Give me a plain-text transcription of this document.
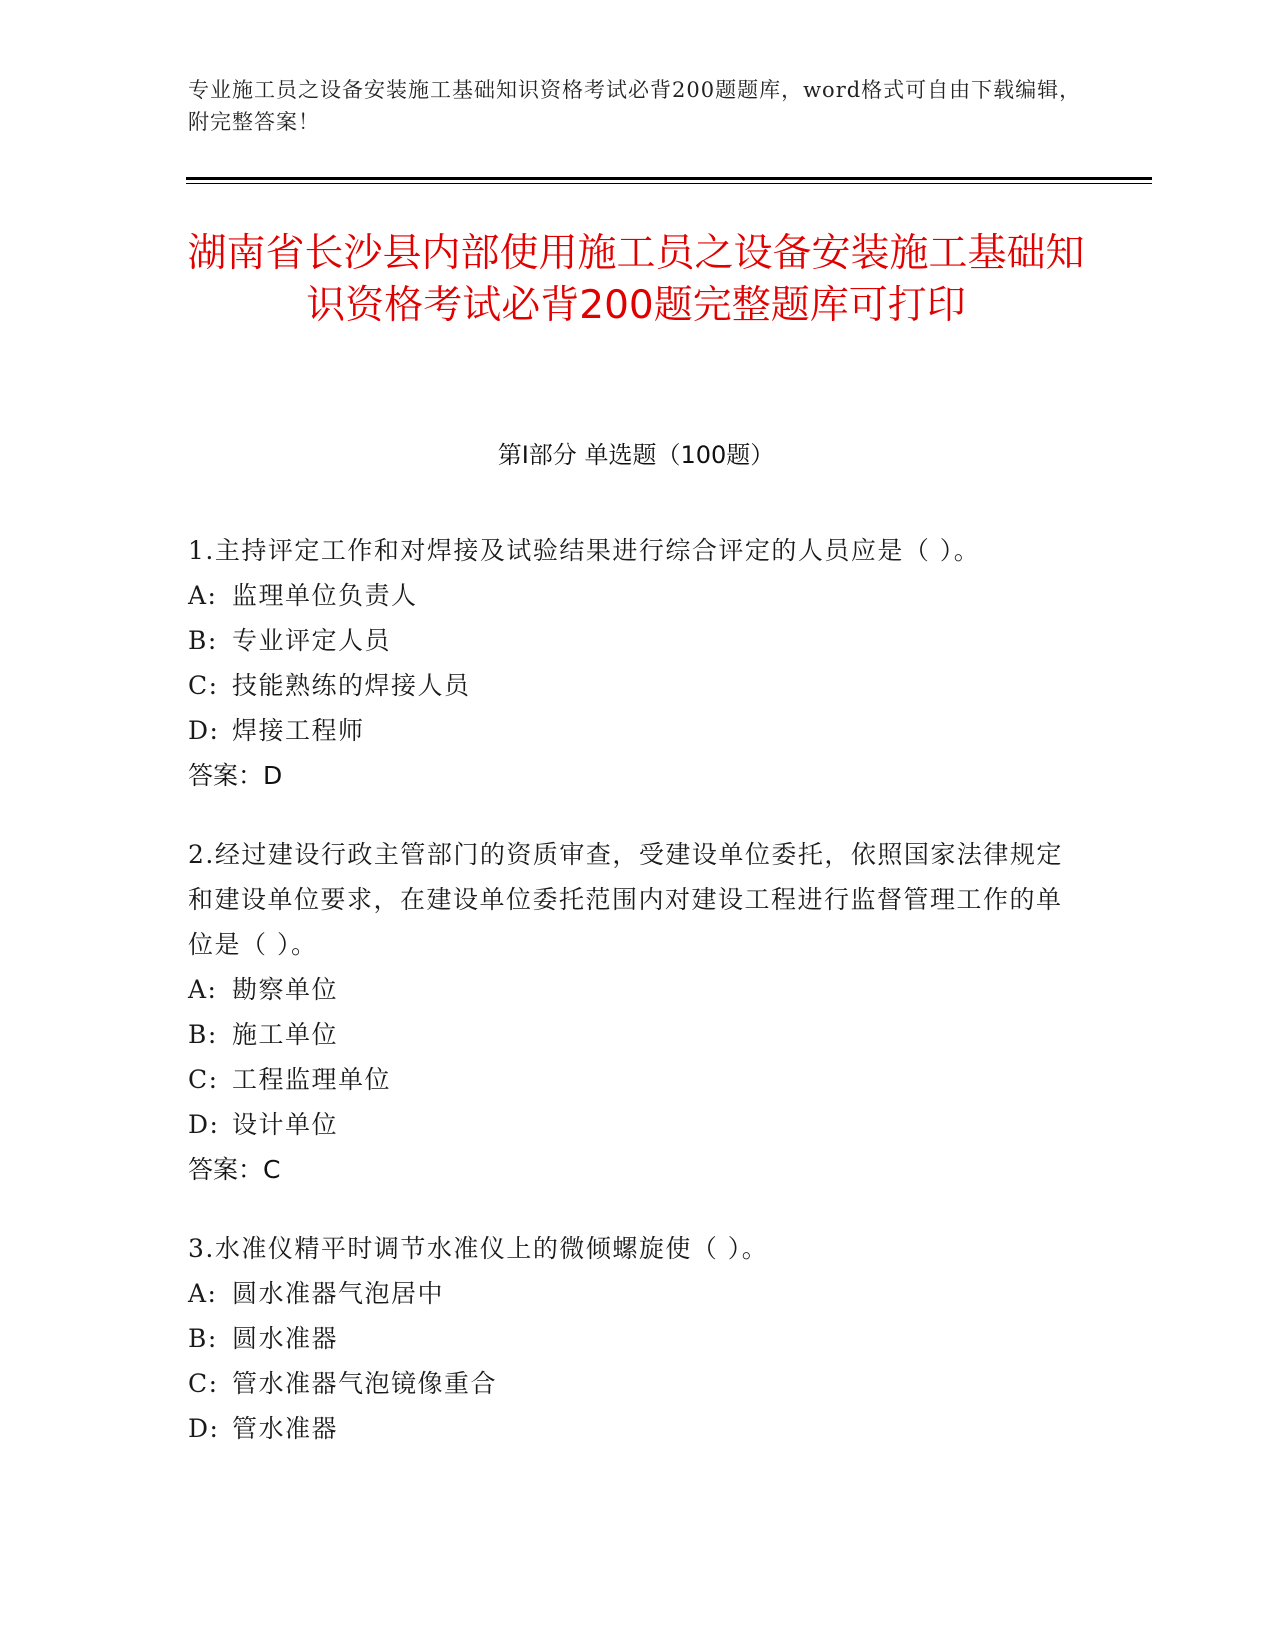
专业施工员之设备安装施工基础知识资格考试必背200题题库，word格式可自由下载编辑，附完整答案！
湖南省长沙县内部使用施工员之设备安装施工基础知识资格考试必背200题完整题库可打印
第Ⅰ部分 单选题（100题）
1.主持评定工作和对焊接及试验结果进行综合评定的人员应是（ ）。
A: 监理单位负责人
B: 专业评定人员
C: 技能熟练的焊接人员
D: 焊接工程师
答案：D
2.经过建设行政主管部门的资质审查，受建设单位委托，依照国家法律规定和建设单位要求，在建设单位委托范围内对建设工程进行监督管理工作的单位是（ ）。
A: 勘察单位
B: 施工单位
C: 工程监理单位
D: 设计单位
答案：C
3.水准仪精平时调节水准仪上的微倾螺旋使（ ）。
A: 圆水准器气泡居中
B: 圆水准器
C: 管水准器气泡镜像重合
D: 管水准器
